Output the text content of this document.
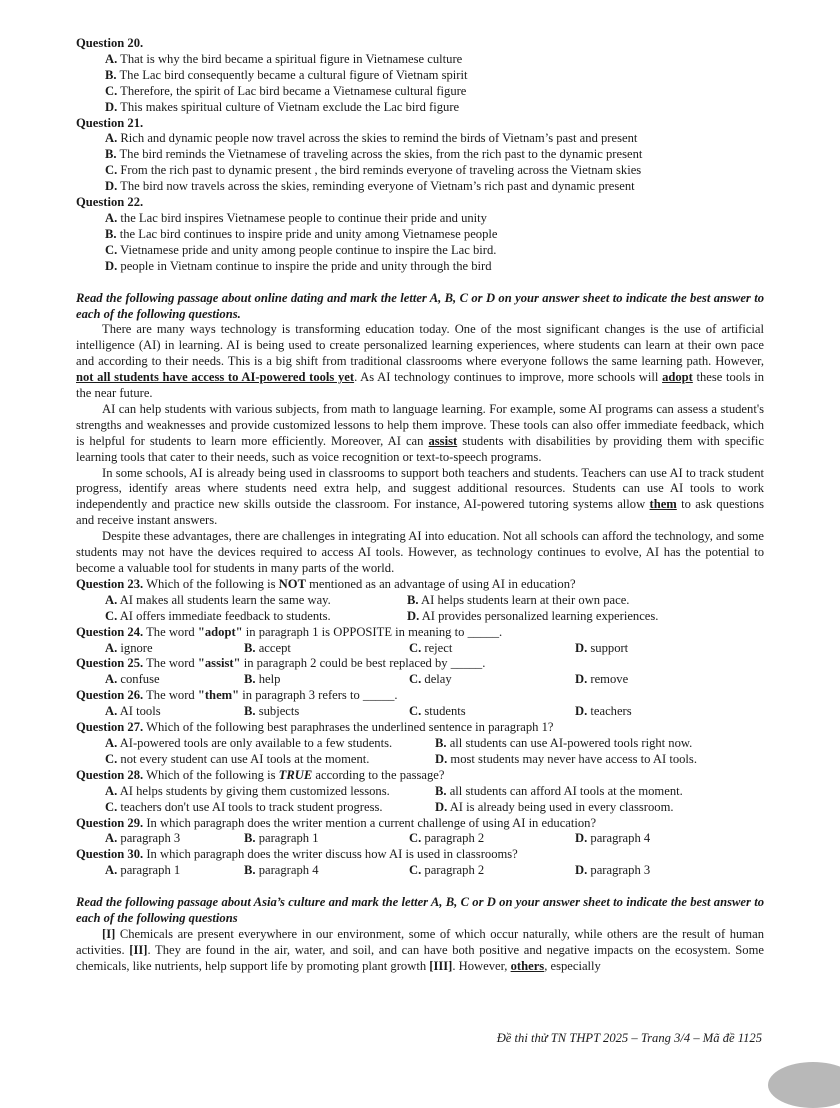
Question 20.
A. That is why the bird became a spiritual figure in Vietnamese culture
B. The Lac bird consequently became a cultural figure of Vietnam spirit
C. Therefore, the spirit of Lac bird became a Vietnamese cultural figure
D. This makes spiritual culture of Vietnam exclude the Lac bird figure
Question 21.
A. Rich and dynamic people now travel across the skies to remind the birds of Vietnam’s past and present
B. The bird reminds the Vietnamese of traveling across the skies, from the rich past to the dynamic present
C. From the rich past to dynamic present , the bird reminds everyone of traveling across the Vietnam skies
D. The bird now travels across the skies, reminding everyone of Vietnam’s rich past and dynamic present
Question 22.
A. the Lac bird inspires Vietnamese people to continue their pride and unity
B. the Lac bird continues to inspire pride and unity among Vietnamese people
C. Vietnamese pride and unity among people continue to inspire the Lac bird.
D. people in Vietnam continue to inspire the pride and unity through the bird
Read the following passage about online dating and mark the letter A, B, C or D on your answer sheet to indicate the best answer to each of the following questions.
There are many ways technology is transforming education today. One of the most significant changes is the use of artificial intelligence (AI) in learning. AI is being used to create personalized learning experiences, where students can learn at their own pace and according to their needs. This is a big shift from traditional classrooms where everyone follows the same learning path. However, not all students have access to AI-powered tools yet. As AI technology continues to improve, more schools will adopt these tools in the near future.
AI can help students with various subjects, from math to language learning. For example, some AI programs can assess a student's strengths and weaknesses and provide customized lessons to help them improve. These tools can also offer immediate feedback, which is helpful for students to learn more efficiently. Moreover, AI can assist students with disabilities by providing them with specific learning tools that cater to their needs, such as voice recognition or text-to-speech programs.
In some schools, AI is already being used in classrooms to support both teachers and students. Teachers can use AI to track student progress, identify areas where students need extra help, and suggest additional resources. Students can use AI tools to work independently and practice new skills outside the classroom. For instance, AI-powered tutoring systems allow them to ask questions and receive instant answers.
Despite these advantages, there are challenges in integrating AI into education. Not all schools can afford the technology, and some students may not have the devices required to access AI tools. However, as technology continues to evolve, AI has the potential to become a valuable tool for students in many parts of the world.
Question 23. Which of the following is NOT mentioned as an advantage of using AI in education?
A. AI makes all students learn the same way.	B. AI helps students learn at their own pace.
C. AI offers immediate feedback to students.	D. AI provides personalized learning experiences.
Question 24. The word "adopt" in paragraph 1 is OPPOSITE in meaning to _____.
A. ignore	B. accept	C. reject	D. support
Question 25. The word "assist" in paragraph 2 could be best replaced by _____.
A. confuse	B. help	C. delay	D. remove
Question 26. The word "them" in paragraph 3 refers to _____.
A. AI tools	B. subjects	C. students	D. teachers
Question 27. Which of the following best paraphrases the underlined sentence in paragraph 1?
A. AI-powered tools are only available to a few students.	B. all students can use AI-powered tools right now.
C. not every student can use AI tools at the moment.	D. most students may never have access to AI tools.
Question 28. Which of the following is TRUE according to the passage?
A. AI helps students by giving them customized lessons.	B. all students can afford AI tools at the moment.
C. teachers don't use AI tools to track student progress.	D. AI is already being used in every classroom.
Question 29. In which paragraph does the writer mention a current challenge of using AI in education?
A. paragraph 3	B. paragraph 1	C. paragraph 2	D. paragraph 4
Question 30. In which paragraph does the writer discuss how AI is used in classrooms?
A. paragraph 1	B. paragraph 4	C. paragraph 2	D. paragraph 3
Read the following passage about Asia’s culture and mark the letter A, B, C or D on your answer sheet to indicate the best answer to each of the following questions
[I] Chemicals are present everywhere in our environment, some of which occur naturally, while others are the result of human activities. [II]. They are found in the air, water, and soil, and can have both positive and negative impacts on the ecosystem. Some chemicals, like nutrients, help support life by promoting plant growth [III]. However, others, especially
Đề thi thử TN THPT 2025 – Trang 3/4 – Mã đề 1125
